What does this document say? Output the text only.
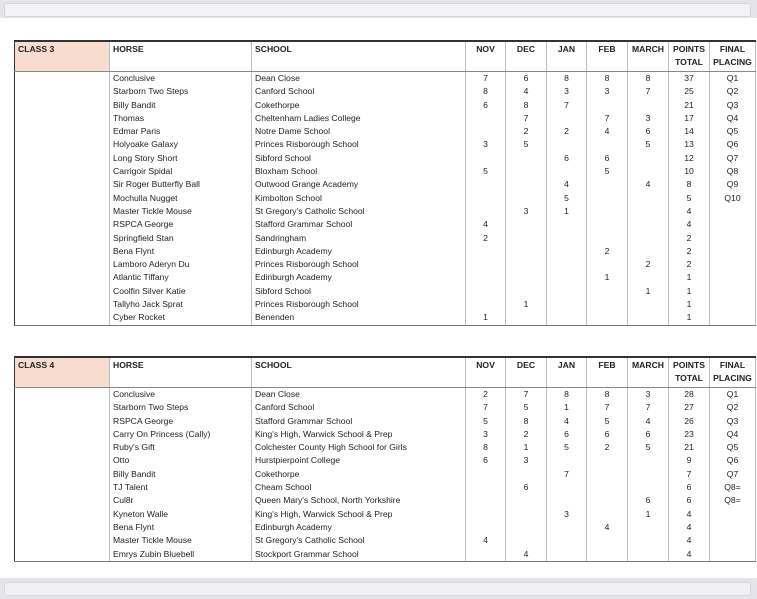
CLASS 3	HORSE	SCHOOL	NOV	DEC	JAN	FEB	MARCH	POINTS TOTAL	FINAL PLACING
	Conclusive	Dean Close	7	6	8	8	8	37	Q1
	Starborn Two Steps	Canford School	8	4	3	3	7	25	Q2
	Billy Bandit	Cokethorpe	6	8	7			21	Q3
	Thomas	Cheltenham Ladies College		7		7	3	17	Q4
	Edmar Paris	Notre Dame School		2	2	4	6	14	Q5
	Holyoake Galaxy	Princes Risborough School	3	5			5	13	Q6
	Long Story Short	Sibford School			6	6		12	Q7
	Carrigoir Spidal	Bloxham School	5			5		10	Q8
	Sir Roger Butterfly Ball	Outwood Grange Academy			4		4	8	Q9
	Mochulla Nugget	Kimbolton School			5			5	Q10
	Master Tickle Mouse	St Gregory's Catholic School		3	1			4	
	RSPCA George	Stafford Grammar School	4					4	
	Springfield Stan	Sandringham	2					2	
	Bena Flynt	Edinburgh Academy				2		2	
	Lamboro Aderyn Du	Princes Risborough School					2	2	
	Atlantic Tiffany	Edinburgh Academy				1		1	
	Coolfin Silver Katie	Sibford School					1	1	
	Tallyho Jack Sprat	Princes Risborough School		1				1	
	Cyber Rocket	Benenden	1					1	
CLASS 4	HORSE	SCHOOL	NOV	DEC	JAN	FEB	MARCH	POINTS TOTAL	FINAL PLACING
	Conclusive	Dean Close	2	7	8	8	3	28	Q1
	Starborn Two Steps	Canford School	7	5	1	7	7	27	Q2
	RSPCA George	Stafford Grammar School	5	8	4	5	4	26	Q3
	Carry On Princess (Cally)	King's High, Warwick School & Prep	3	2	6	6	6	23	Q4
	Ruby's Gift	Colchester County High School for Girls	8	1	5	2	5	21	Q5
	Otto	Hurstpierpoint College	6	3				9	Q6
	Billy Bandit	Cokethorpe			7			7	Q7
	TJ Talent	Cheam School		6				6	Q8=
	Cul8r	Queen Mary's School, North Yorkshire					6	6	Q8=
	Kyneton Walle	King's High, Warwick School & Prep			3		1	4	
	Bena Flynt	Edinburgh Academy				4		4	
	Master Tickle Mouse	St Gregory's Catholic School	4					4	
	Emrys Zubin Bluebell	Stockport Grammar School		4				4	
